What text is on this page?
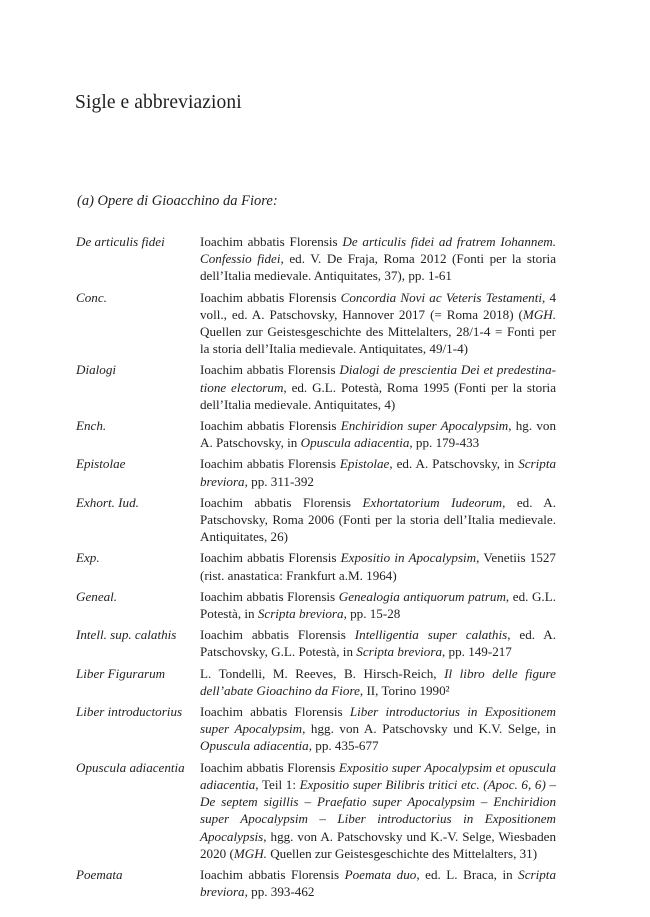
Sigle e abbreviazioni
(a) Opere di Gioacchino da Fiore:
De articulis fidei	Ioachim abbatis Florensis De articulis fidei ad fratrem Iohannem. Confessio fidei, ed. V. De Fraja, Roma 2012 (Fonti per la storia dell’Italia medievale. Antiquitates, 37), pp. 1-61
Conc.	Ioachim abbatis Florensis Concordia Novi ac Veteris Testamenti, 4 voll., ed. A. Patschovsky, Hannover 2017 (= Roma 2018) (MGH. Quellen zur Geistesgeschichte des Mittelalters, 28/1-4 = Fonti per la storia dell’Italia medievale. Antiquitates, 49/1-4)
Dialogi	Ioachim abbatis Florensis Dialogi de prescientia Dei et predestinatione electorum, ed. G.L. Potestà, Roma 1995 (Fonti per la storia dell’Italia medievale. Antiquitates, 4)
Ench.	Ioachim abbatis Florensis Enchiridion super Apocalypsim, hg. von A. Patschovsky, in Opuscula adiacentia, pp. 179-433
Epistolae	Ioachim abbatis Florensis Epistolae, ed. A. Patschovsky, in Scripta breviora, pp. 311-392
Exhort. Iud.	Ioachim abbatis Florensis Exhortatorium Iudeorum, ed. A. Patschovsky, Roma 2006 (Fonti per la storia dell’Italia medievale. Antiquitates, 26)
Exp.	Ioachim abbatis Florensis Expositio in Apocalypsim, Venetiis 1527 (rist. anastatica: Frankfurt a.M. 1964)
Geneal.	Ioachim abbatis Florensis Genealogia antiquorum patrum, ed. G.L. Potestà, in Scripta breviora, pp. 15-28
Intell. sup. calathis	Ioachim abbatis Florensis Intelligentia super calathis, ed. A. Patschovsky, G.L. Potestà, in Scripta breviora, pp. 149-217
Liber Figurarum	L. Tondelli, M. Reeves, B. Hirsch-Reich, Il libro delle figure dell’abate Gioachino da Fiore, II, Torino 1990²
Liber introductorius	Ioachim abbatis Florensis Liber introductorius in Expositionem super Apocalypsim, hgg. von A. Patschovsky und K.V. Selge, in Opuscula adiacentia, pp. 435-677
Opuscula adiacentia	Ioachim abbatis Florensis Expositio super Apocalypsim et opuscula adiacentia, Teil 1: Expositio super Bilibris tritici etc. (Apoc. 6, 6) – De septem sigillis – Praefatio super Apocalypsim – Enchiridion super Apocalypsim – Liber introductorius in Expositionem Apocalypsis, hgg. von A. Patschovsky und K.-V. Selge, Wiesbaden 2020 (MGH. Quellen zur Geistesgeschichte des Mittelalters, 31)
Poemata	Ioachim abbatis Florensis Poemata duo, ed. L. Braca, in Scripta breviora, pp. 393-462
